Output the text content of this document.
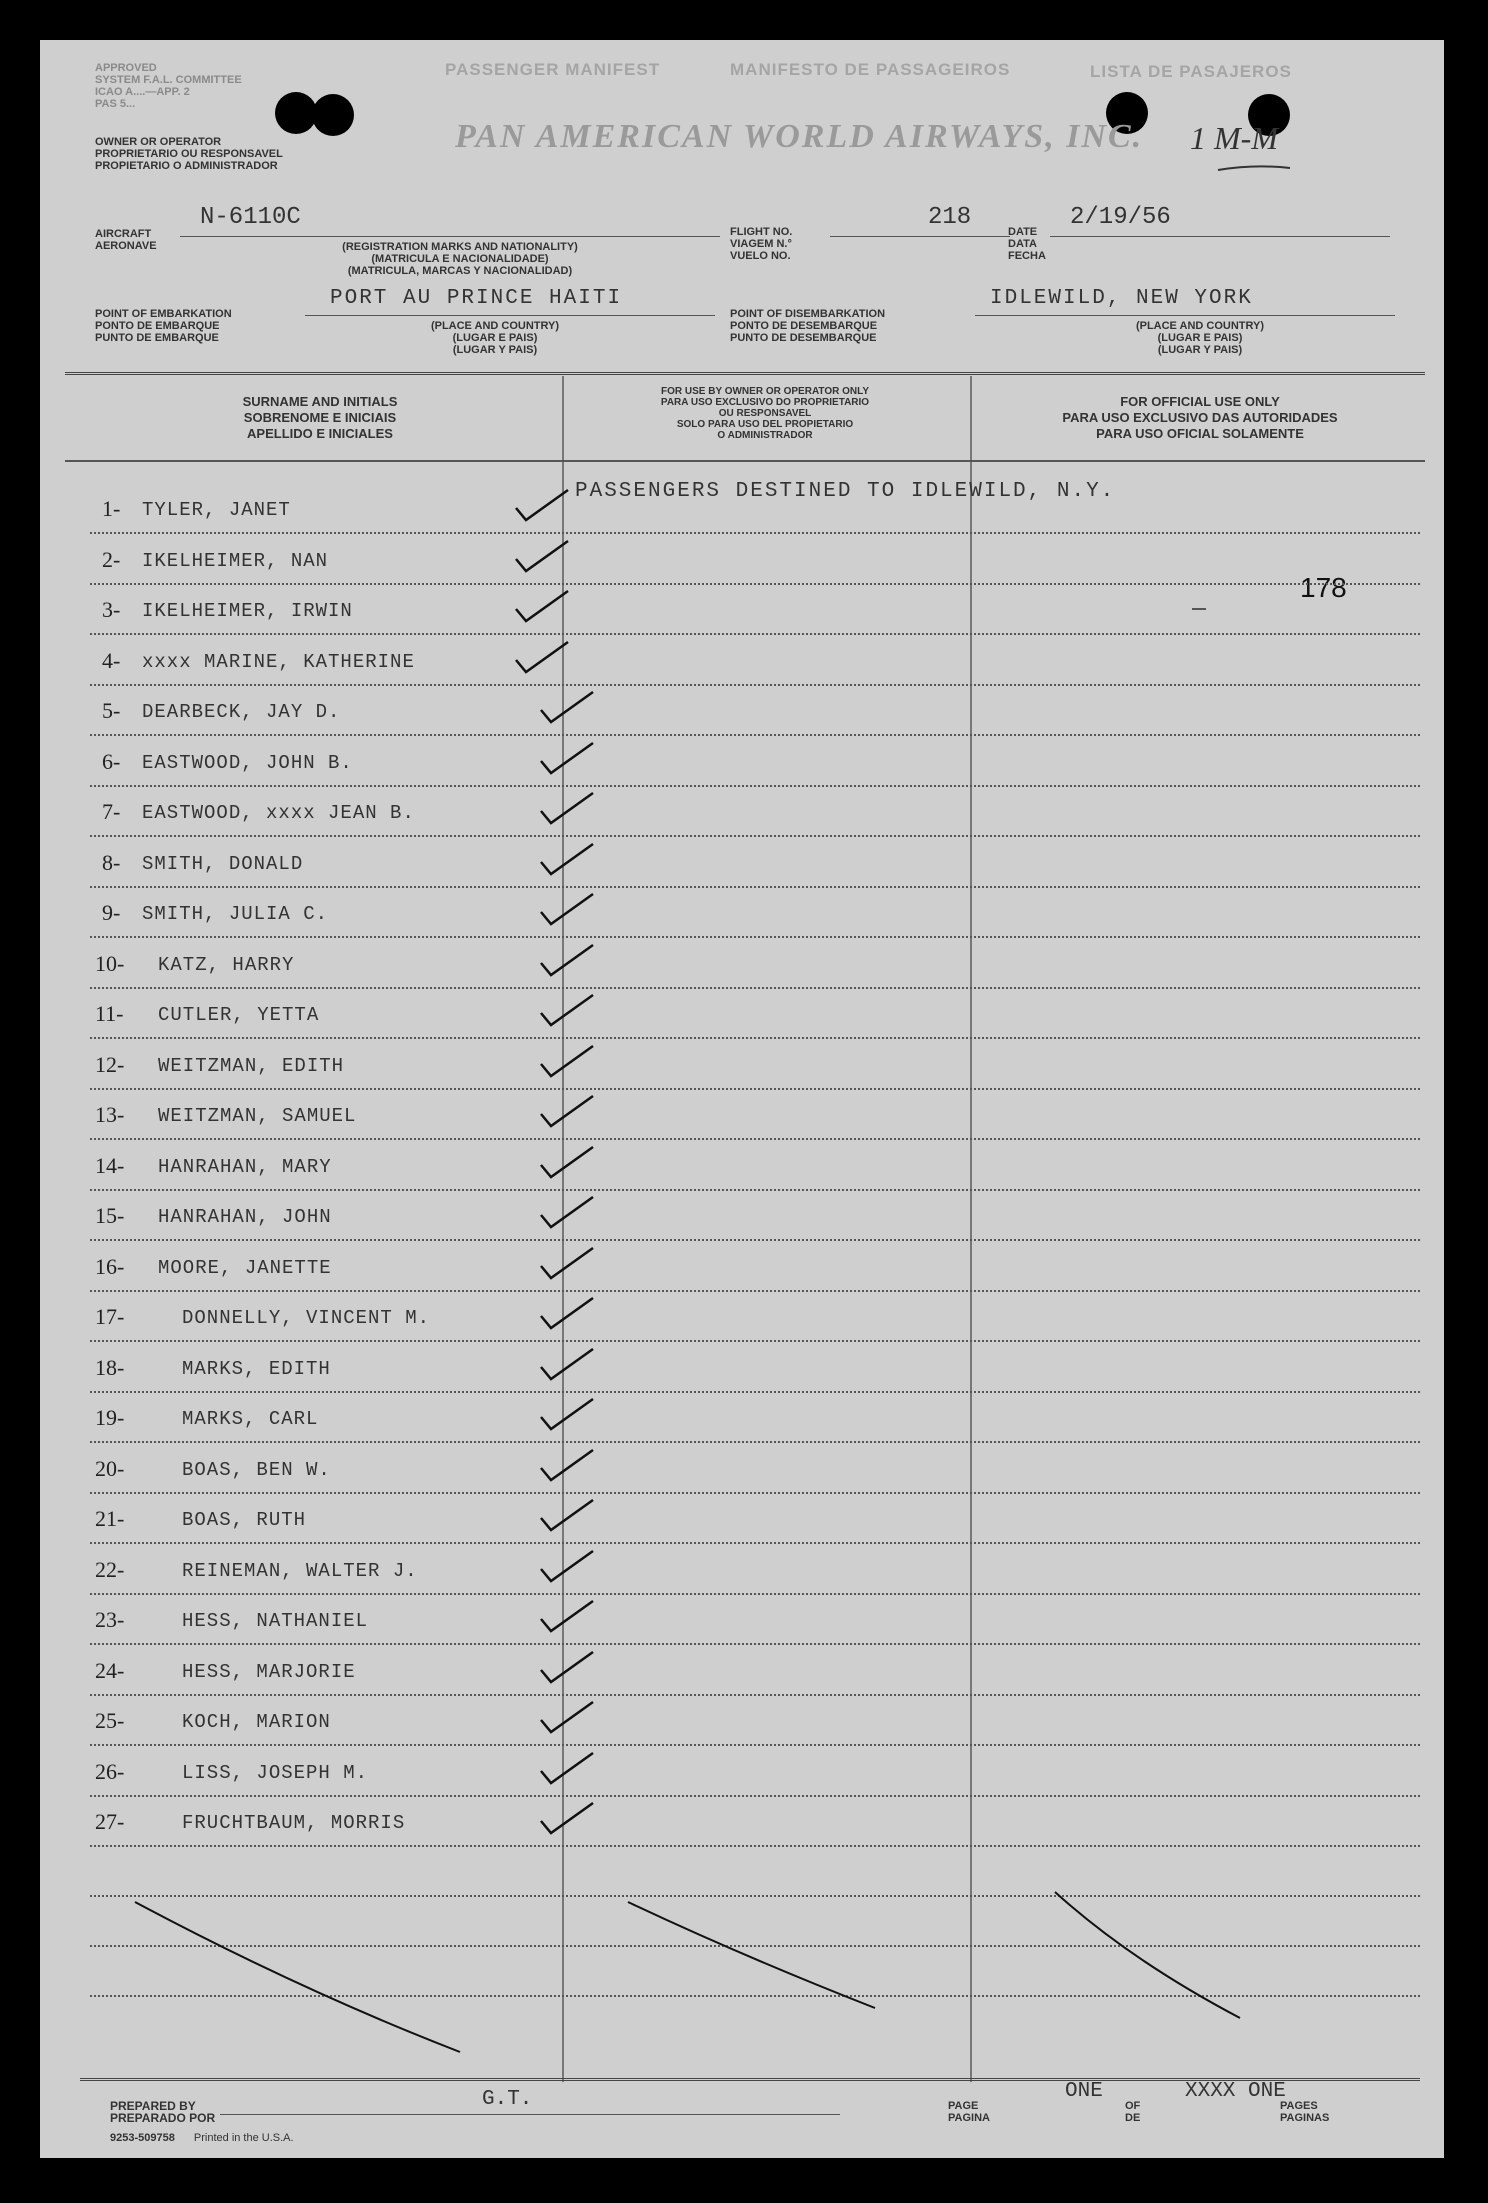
APPROVED
SYSTEM F.A.L. COMMITTEE
ICAO A....—APP. 2
PAS 5...
PASSENGER MANIFEST	MANIFESTO DE PASSAGEIROS	LISTA DE PASAJEROS
OWNER OR OPERATOR
PROPRIETARIO OU RESPONSAVEL
PROPIETARIO O ADMINISTRADOR
PAN AMERICAN WORLD AIRWAYS, INC. 1 M-M
AIRCRAFT
AERONAVE
N-6110C
(REGISTRATION MARKS AND NATIONALITY)
(MATRICULA E NACIONALIDADE)
(MATRICULA, MARCAS Y NACIONALIDAD)
FLIGHT NO.
VIAGEM N.°
VUELO NO.
218
DATE
DATA
FECHA
2/19/56
POINT OF EMBARKATION
PONTO DE EMBARQUE
PUNTO DE EMBARQUE
PORT AU PRINCE HAITI
(PLACE AND COUNTRY)
(LUGAR E PAIS)
(LUGAR Y PAIS)
POINT OF DISEMBARKATION
PONTO DE DESEMBARQUE
PUNTO DE DESEMBARQUE
IDLEWILD, NEW YORK
(PLACE AND COUNTRY)
(LUGAR E PAIS)
(LUGAR Y PAIS)
SURNAME AND INITIALS
SOBRENOME E INICIAIS
APELLIDO E INICIALES
FOR USE BY OWNER OR OPERATOR ONLY
PARA USO EXCLUSIVO DO PROPRIETARIO
OU RESPONSAVEL
SOLO PARA USO DEL PROPIETARIO
O ADMINISTRADOR
FOR OFFICIAL USE ONLY
PARA USO EXCLUSIVO DAS AUTORIDADES
PARA USO OFICIAL SOLAMENTE
PASSENGERS DESTINED TO IDLEWILD, N.Y.
178
1- TYLER, JANET
2- IKELHEIMER, NAN
3- IKELHEIMER, IRWIN
4- xxxx MARINE, KATHERINE
5- DEARBECK, JAY D.
6- EASTWOOD, JOHN B.
7- EASTWOOD, xxxx JEAN B.
8- SMITH, DONALD
9- SMITH, JULIA C.
10- KATZ, HARRY
11- CUTLER, YETTA
12- WEITZMAN, EDITH
13- WEITZMAN, SAMUEL
14- HANRAHAN, MARY
15- HANRAHAN, JOHN
16- MOORE, JANETTE
17-	DONNELLY, VINCENT M.
18-	MARKS, EDITH
19-	MARKS, CARL
20-	BOAS, BEN W.
21-	BOAS, RUTH
22-	REINEMAN, WALTER J.
23-	HESS, NATHANIEL
24-	HESS, MARJORIE
25-	KOCH, MARION
26-	LISS, JOSEPH M.
27-	FRUCHTBAUM, MORRIS
PREPARED BY
PREPARADO POR
G.T.
9253-509758 Printed in the U.S.A.
PAGE
PAGINA
ONE
OF
DE
XXXX ONE
PAGES
PAGINAS
